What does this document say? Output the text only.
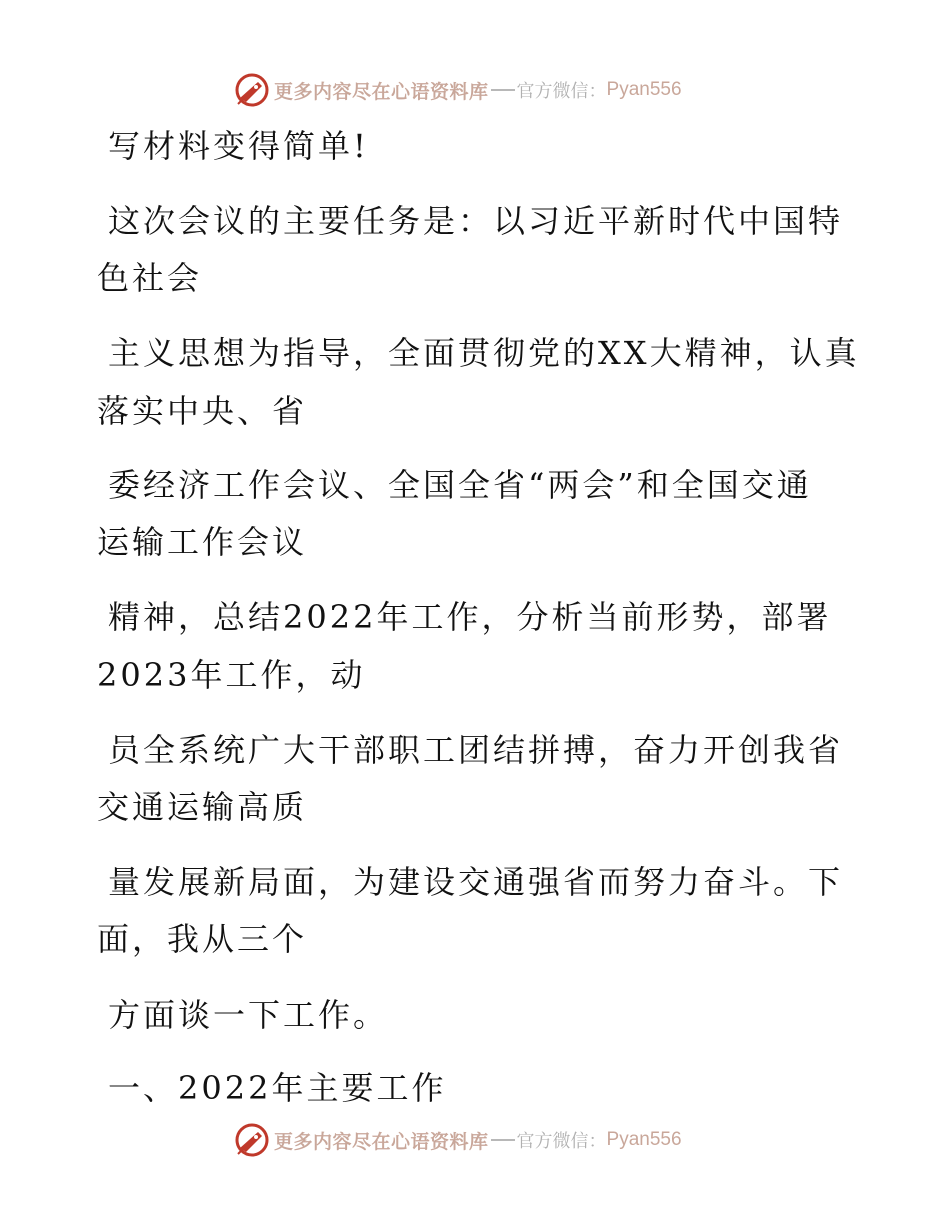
更多内容尽在心语资料库 官方微信： Pyan556
写材料变得简单!
这次会议的主要任务是：以习近平新时代中国特
色社会
主义思想为指导，全面贯彻党的XX大精神，认真
落实中央、省
委经济工作会议、全国全省“两会”和全国交通
运输工作会议
精神，总结2022年工作，分析当前形势，部署
2023年工作，动
员全系统广大干部职工团结拼搏，奋力开创我省
交通运输高质
量发展新局面，为建设交通强省而努力奋斗。下
面，我从三个
方面谈一下工作。
一、2022年主要工作
更多内容尽在心语资料库 官方微信： Pyan556
